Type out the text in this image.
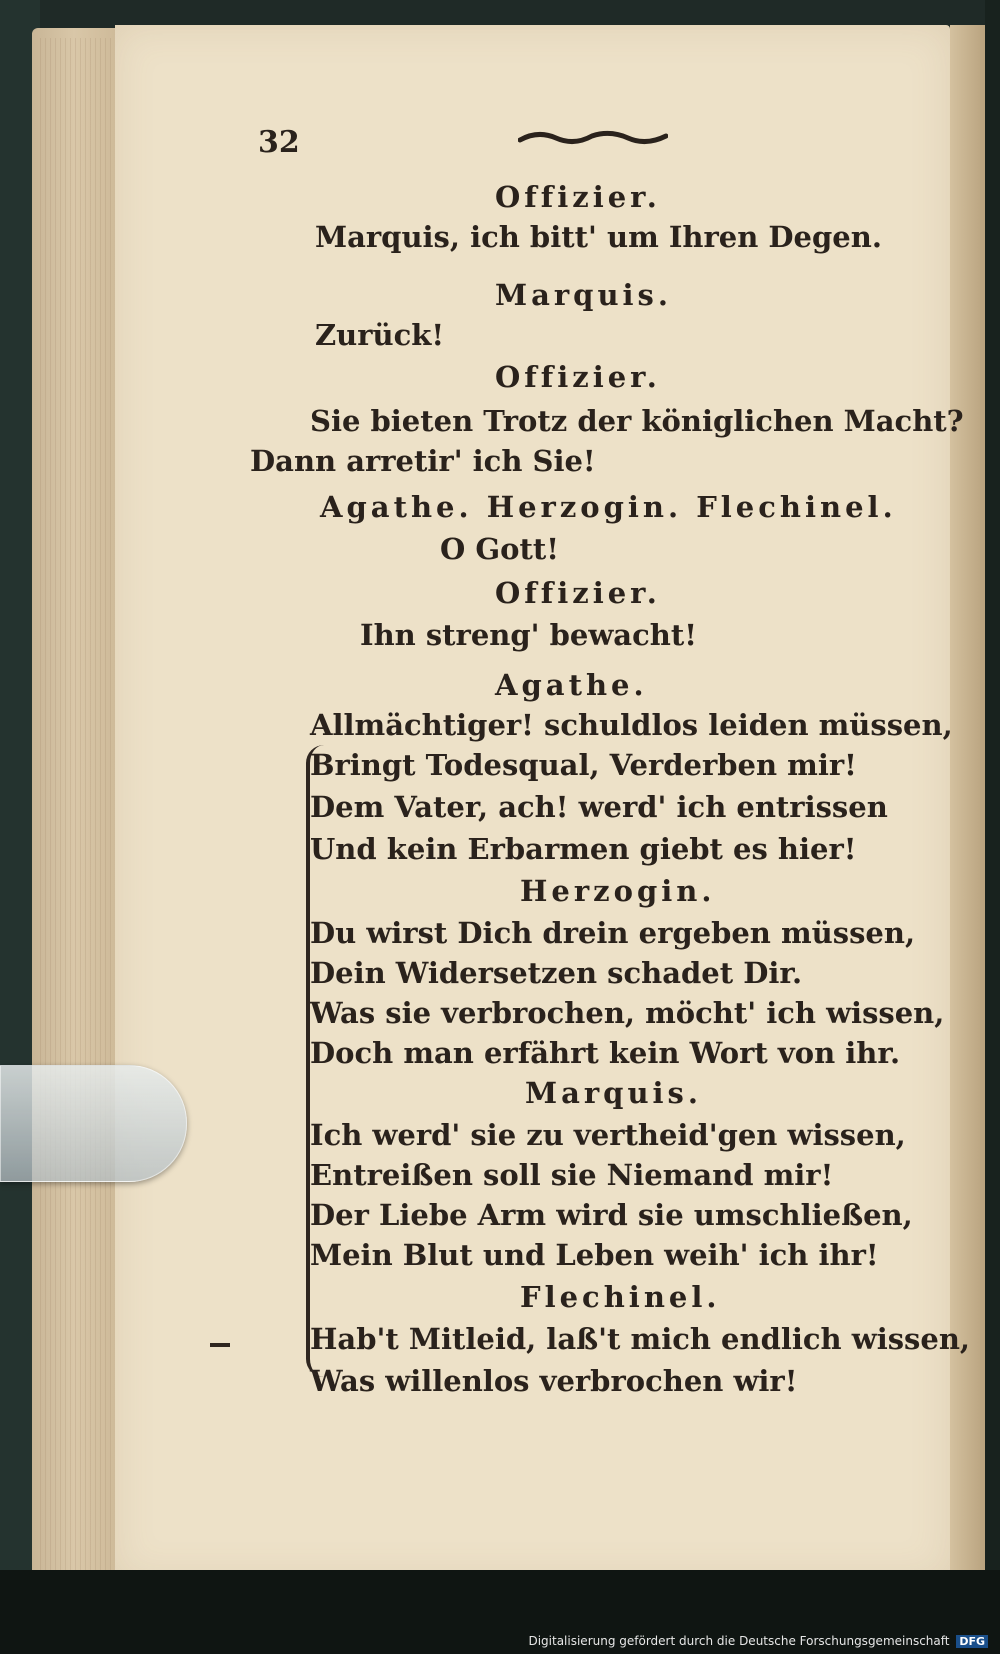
32
Offizier.
Marquis, ich bitt' um Ihren Degen.
Marquis.
Zurück!
Offizier.
Sie bieten Trotz der königlichen Macht?
Dann arretir' ich Sie!
Agathe. Herzogin. Flechinel.
O Gott!
Offizier.
Ihn streng' bewacht!
Agathe.
Allmächtiger! schuldlos leiden müssen,
Bringt Todesqual, Verderben mir!
Dem Vater, ach! werd' ich entrissen
Und kein Erbarmen giebt es hier!
Herzogin.
Du wirst Dich drein ergeben müssen,
Dein Widersetzen schadet Dir.
Was sie verbrochen, möcht' ich wissen,
Doch man erfährt kein Wort von ihr.
Marquis.
Ich werd' sie zu vertheid'gen wissen,
Entreißen soll sie Niemand mir!
Der Liebe Arm wird sie umschließen,
Mein Blut und Leben weih' ich ihr!
Flechinel.
Hab't Mitleid, laß't mich endlich wissen,
Was willenlos verbrochen wir!
Digitalisierung gefördert durch die Deutsche Forschungsgemeinschaft DFG
